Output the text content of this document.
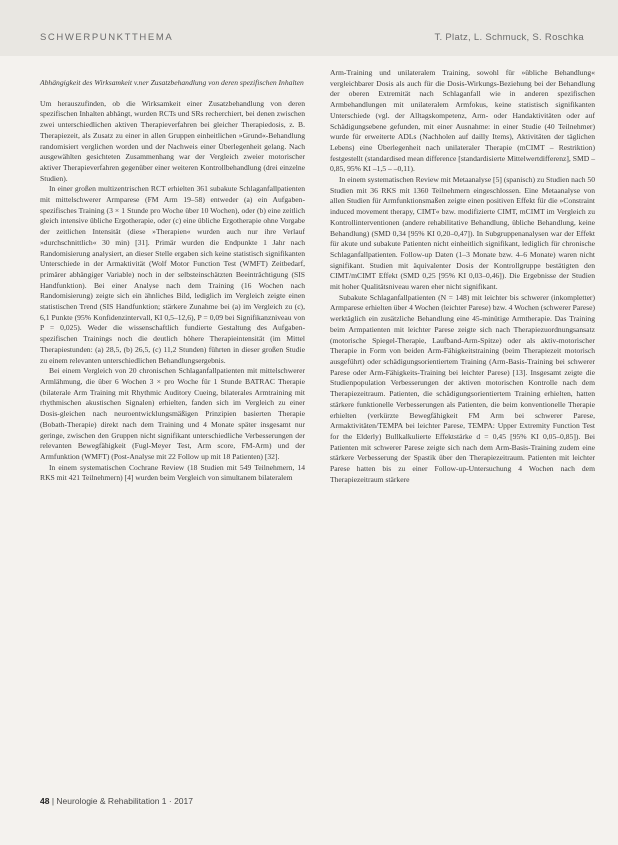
SCHWERPUNKTTHEMA	T. Platz, L. Schmuck, S. Roschka

Abhängigkeit des Wirksamkeit v.ner Zusatzbehandlung von deren spezifischen Inhalten

Um herauszufinden, ob die Wirksamkeit einer Zusatzbehandlung von deren spezifischen Inhalten abhängt, wurden RCTs und SRs recherchiert, bei denen zwischen zwei unterschiedlichen aktiven Therapieverfahren bei gleicher Therapiedosis, z. B. Therapiezeit, als Zusatz zu einer in allen Gruppen einheitlichen »Grund«-Behandlung randomisiert verglichen worden und der Nachweis einer Überlegenheit gelang. Nach ausgewählten gesichteten Zusammenhang war der Vergleich zweier motorischer aktiver Therapieverfahren gegenüber einer weiteren Kontrollbehandlung (drei einzelne Studien).

In einer großen multizentrischen RCT erhielten 361 subakute Schlaganfallpatienten mit mittelschwerer Armparese (FM Arm 19–58) entweder (a) ein Aufgaben-spezifisches Training (3 × 1 Stunde pro Woche über 10 Wochen), oder (b) eine zeitlich gleich intensive übliche Ergotherapie, oder (c) eine übliche Ergotherapie ohne Vorgabe der zeitlichen Intensität (diese »Therapien« wurden auch nur ihre Verlauf »durchschnittlich« 30 min) [31]. Primär wurden die Endpunkte 1 Jahr nach Randomisierung analysiert, an dieser Stelle ergaben sich keine statistisch signifikanten Unterschiede in der Armaktivität (Wolf Motor Function Test (WMFT) Zeitbedarf, primärer abhängiger Variable) noch in der selbsteinschätzten Beeinträchtigung (SIS Handfunktion). Bei einer Analyse nach dem Training (16 Wochen nach Randomisierung) zeigte sich ein ähnliches Bild, lediglich im Vergleich zeigte einen statistischen Trend (SIS Handfunktion; stärkere Zunahme bei (a) im Vergleich zu (c), 6,1 Punkte (95% Konfidenzintervall, KI 0,5–12,6), P = 0,09 bei Signifikanzniveau von P = 0,025). Weder die wissenschaftlich fundierte Gestaltung des Aufgaben-spezifischen Trainings noch die deutlich höhere Therapieintensität (im Mittel Therapiestunden: (a) 28,5, (b) 26,5, (c) 11,2 Stunden) führten in dieser großen Studie zu einem relevanten unterschiedlichen Behandlungsergebnis.

Bei einem Vergleich von 20 chronischen Schlaganfallpatienten mit mittelschwerer Armlähmung, die über 6 Wochen 3 × pro Woche für 1 Stunde BATRAC Therapie (bilaterale Arm Training mit Rhythmic Auditory Cueing, bilaterales Armtraining mit rhythmischen akustischen Signalen) erhielten, fanden sich im Vergleich zu einer Dosis-gleichen nach neuroentwicklungsmäßigen Prinzipien basierten Therapie (Bobath-Therapie) direkt nach dem Training und 4 Monate später insgesamt nur geringe, zwischen den Gruppen nicht signifikant unterschiedliche Verbesserungen der relevanten Bewegfähigkeit (Fugl-Meyer Test, Arm score, FM-Arm) und der Armfunktion (WMFT) (Post-Analyse mit 22 Follow up mit 18 Patienten) [32].

In einem systematischen Cochrane Review (18 Studien mit 549 Teilnehmern, 14 RKS mit 421 Teilnehmern) [4] wurden beim Vergleich von simultanem bilateralem

Arm-Training und unilateralem Training, sowohl für »übliche Behandlung« vergleichbarer Dosis als auch für die Dosis-Wirkungs-Beziehung bei der Behandlung der oberen Extremität nach Schlaganfall wie in anderen spezifischen Armbehandlungen mit unilateralem Armfokus, keine statistisch signifikanten Unterschiede (vgl. der Alltagskompetenz, Arm- oder Handaktivitäten oder auf Schädigungsebene gefunden, mit einer Ausnahme: in einer Studie (40 Teilnehmer) wurde für erweiterte ADLs (Nachholen auf dailly Items), Aktivitäten der täglichen Lebens) eine Überlegenheit nach unilateraler Therapie (mCIMT – Restriktion) festgestellt (standardised mean difference [standardisierte Mittelwertdifferenz], SMD –0,85, 95% KI –1,5 – –0,11).

In einem systematischen Review mit Metaanalyse [5] (spanisch) zu Studien nach 50 Studien mit 36 RKS mit 1360 Teilnehmern eingeschlossen. Eine Metaanalyse von allen Studien für Armfunktionsmaßen zeigte einen positiven Effekt für die »Constraint induced movement therapy, CIMT« bzw. modifizierte CIMT, mCIMT im Vergleich zu Kontrollinterventionen (andere rehabilitative Behandlung, übliche Behandlung, keine Behandlung) (SMD 0,34 [95% KI 0,20–0,47]). In Subgruppenanalysen war der Effekt für akute und subakute Patienten nicht einheitlich signifikant, lediglich für chronische Schlaganfallpatienten. Follow-up Daten (1–3 Monate bzw. 4–6 Monate) waren nicht signifikant. Studien mit äquivalenter Dosis der Kontrollgruppe bestätigten den CIMT/mCIMT Effekt (SMD 0,25 [95% KI 0,03–0,46]). Die Ergebnisse der Studien mit hoher Qualitätsniveau waren eher nicht signifikant.

Subakute Schlaganfallpatienten (N = 148) mit leichter bis schwerer (inkompletter) Armparese erhielten über 4 Wochen (leichter Parese) bzw. 4 Wochen (schwerer Parese) werktäglich ein zusätzliche Behandlung eine 45-minütige Armtherapie. Das Training beim Armpatienten mit leichter Parese zeigte sich nach Therapiezuordnungsansatz (motorische Spiegel-Therapie, Laufband-Arm-Spitze) oder als aktiv-motorischer Therapie in Form von beiden Arm-Fähigkeitstraining (beim Therapiezeit motorisch ausgeführt) oder schädigungsorientiertem Training (Arm-Basis-Training bei schwerer Parese oder Arm-Fähigkeits-Training bei leichter Parese) [13]. Insgesamt zeigte die Studienpopulation Verbesserungen der aktiven motorischen Kontrolle nach dem Therapiezeitraum. Patienten, die schädigungsorientiertem Training erhielten, hatten stärkere funktionelle Verbesserungen als Patienten, die beim konventionelle Therapie erhielten (verkürzte Bewegfähigkeit FM Arm bei schwerer Parese, Armaktivitäten/TEMPA bei leichter Parese, TEMPA: Upper Extremity Function Test for the Elderly) Bullkalkulierte Effektstärke d = 0,45 [95% KI 0,05–0,85]). Bei Patienten mit schwerer Parese zeigte sich nach dem Arm-Basis-Training zudem eine stärkere Verbesserung der Spastik über den Therapiezeitraum. Patienten mit leichter Parese hatten bis zu einer Follow-up-Untersuchung 4 Wochen nach dem Therapiezeitraum stärkere

48 | Neurologie & Rehabilitation 1 · 2017
